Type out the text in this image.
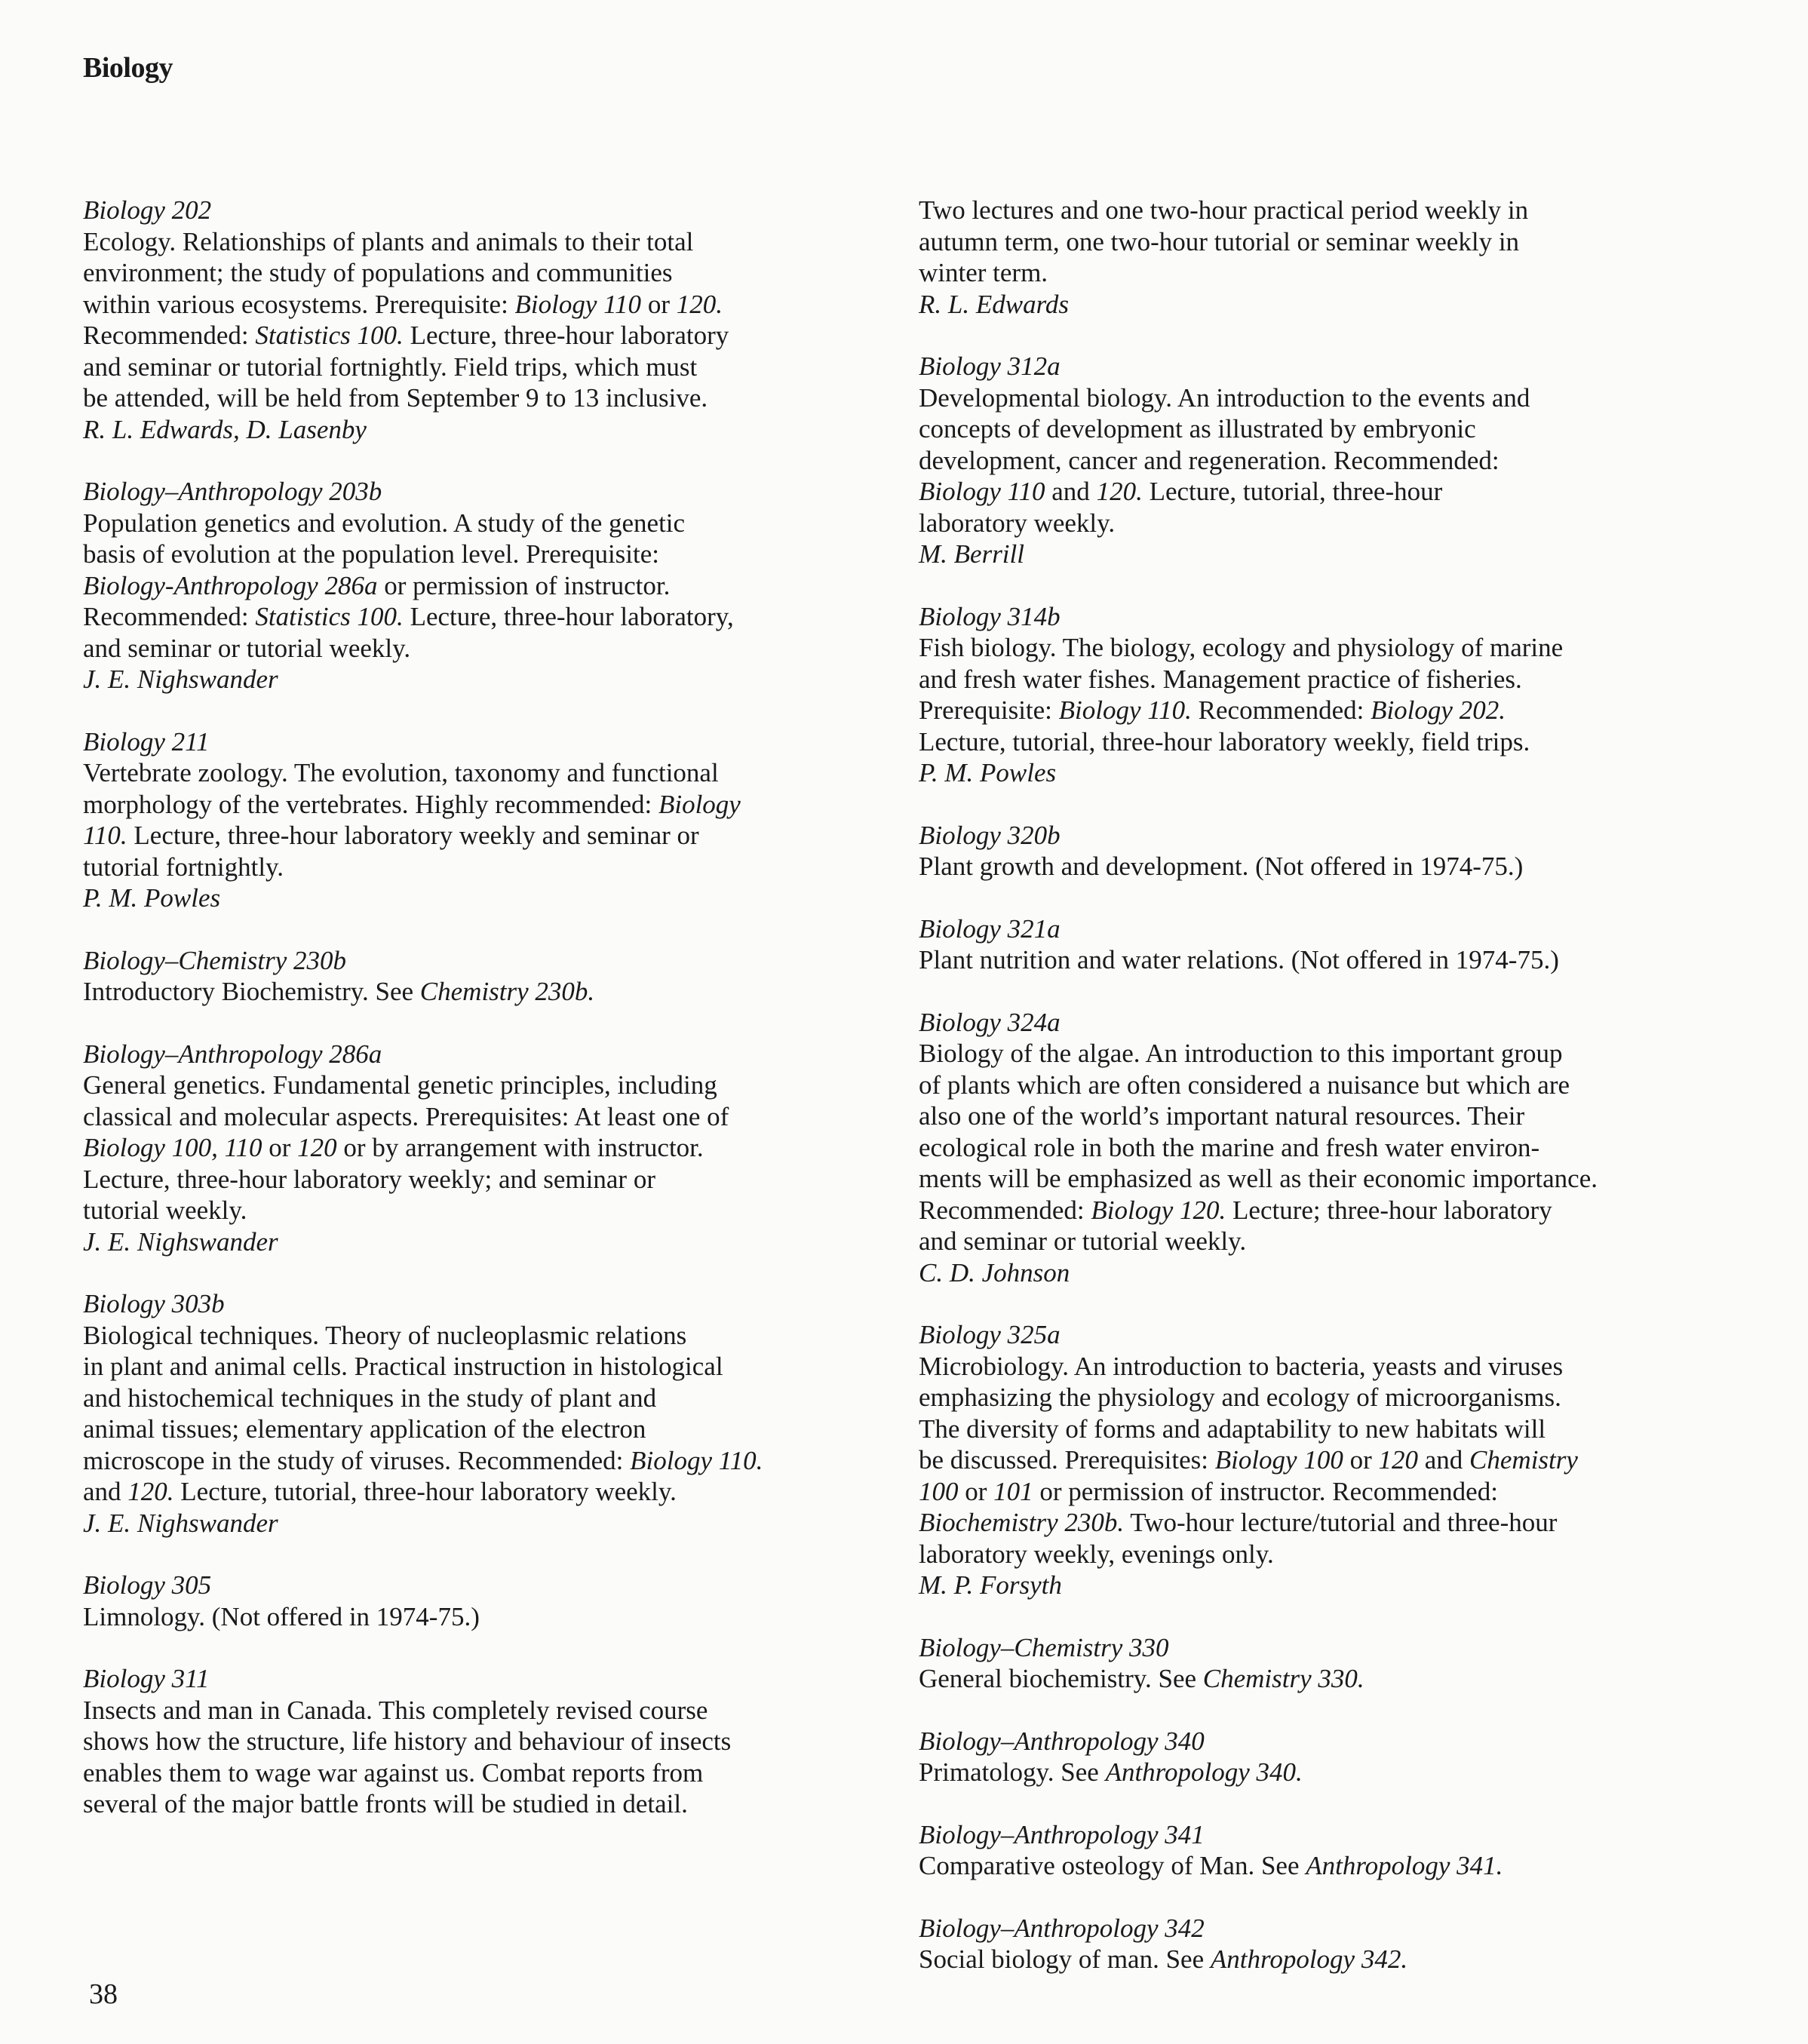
Biology

Biology 202

Ecology. Relationships of plants and animals to their total

environment; the study of populations and communities

within various ecosystems. Prerequisite: Biology 110 or 120.

Recommended: Statistics 100. Lecture, three-hour laboratory

and seminar or tutorial fortnightly. Field trips, which must

be attended, will be held from September 9 to 13 inclusive.

R. L. Edwards, D. Lasenby

Biology–Anthropology 203b

Population genetics and evolution. A study of the genetic

basis of evolution at the population level. Prerequisite:

Biology-Anthropology 286a or permission of instructor.

Recommended: Statistics 100. Lecture, three-hour laboratory,

and seminar or tutorial weekly.

J. E. Nighswander

Biology 211

Vertebrate zoology. The evolution, taxonomy and functional

morphology of the vertebrates. Highly recommended: Biology

110. Lecture, three-hour laboratory weekly and seminar or

tutorial fortnightly.

P. M. Powles

Biology–Chemistry 230b

Introductory Biochemistry. See Chemistry 230b.

Biology–Anthropology 286a

General genetics. Fundamental genetic principles, including

classical and molecular aspects. Prerequisites: At least one of

Biology 100, 110 or 120 or by arrangement with instructor.

Lecture, three-hour laboratory weekly; and seminar or

tutorial weekly.

J. E. Nighswander

Biology 303b

Biological techniques. Theory of nucleoplasmic relations

in plant and animal cells. Practical instruction in histological

and histochemical techniques in the study of plant and

animal tissues; elementary application of the electron

microscope in the study of viruses. Recommended: Biology 110.

and 120. Lecture, tutorial, three-hour laboratory weekly.

J. E. Nighswander

Biology 305

Limnology. (Not offered in 1974-75.)

Biology 311

Insects and man in Canada. This completely revised course

shows how the structure, life history and behaviour of insects

enables them to wage war against us. Combat reports from

several of the major battle fronts will be studied in detail.

Two lectures and one two-hour practical period weekly in

autumn term, one two-hour tutorial or seminar weekly in

winter term.

R. L. Edwards

Biology 312a

Developmental biology. An introduction to the events and

concepts of development as illustrated by embryonic

development, cancer and regeneration. Recommended:

Biology 110 and 120. Lecture, tutorial, three-hour

laboratory weekly.

M. Berrill

Biology 314b

Fish biology. The biology, ecology and physiology of marine

and fresh water fishes. Management practice of fisheries.

Prerequisite: Biology 110. Recommended: Biology 202.

Lecture, tutorial, three-hour laboratory weekly, field trips.

P. M. Powles

Biology 320b

Plant growth and development. (Not offered in 1974-75.)

Biology 321a

Plant nutrition and water relations. (Not offered in 1974-75.)

Biology 324a

Biology of the algae. An introduction to this important group

of plants which are often considered a nuisance but which are

also one of the world’s important natural resources. Their

ecological role in both the marine and fresh water environ-

ments will be emphasized as well as their economic importance.

Recommended: Biology 120. Lecture; three-hour laboratory

and seminar or tutorial weekly.

C. D. Johnson

Biology 325a

Microbiology. An introduction to bacteria, yeasts and viruses

emphasizing the physiology and ecology of microorganisms.

The diversity of forms and adaptability to new habitats will

be discussed. Prerequisites: Biology 100 or 120 and Chemistry

100 or 101 or permission of instructor. Recommended:

Biochemistry 230b. Two-hour lecture/tutorial and three-hour

laboratory weekly, evenings only.

M. P. Forsyth

Biology–Chemistry 330

General biochemistry. See Chemistry 330.

Biology–Anthropology 340

Primatology. See Anthropology 340.

Biology–Anthropology 341

Comparative osteology of Man. See Anthropology 341.

Biology–Anthropology 342

Social biology of man. See Anthropology 342.

38
